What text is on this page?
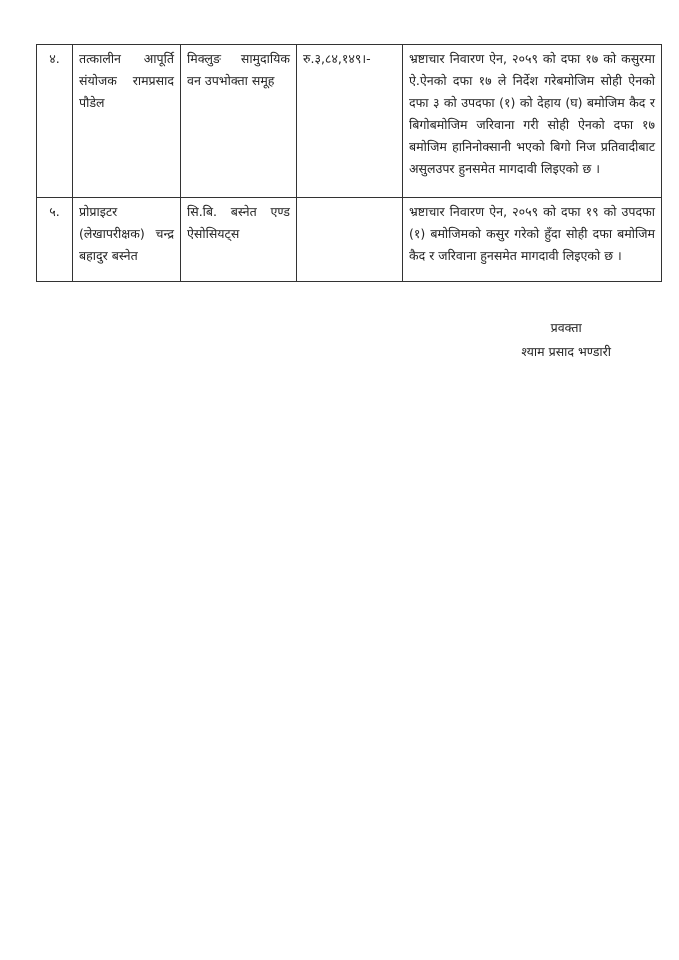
४.	तत्कालीन आपूर्ति संयोजक रामप्रसाद पौडेल	मिक्लुङ सामुदायिक वन उपभोक्ता समूह	रु.३,८४,१४९।-	भ्रष्टाचार निवारण ऐन, २०५९ को दफा १७ को कसुरमा ऐ.ऐनको दफा १७ ले निर्देश गरेबमोजिम सोही ऐनको दफा ३ को उपदफा (१) को देहाय (घ) बमोजिम कैद र बिगोबमोजिम जरिवाना गरी सोही ऐनको दफा १७ बमोजिम हानिनोक्सानी भएको बिगो निज प्रतिवादीबाट असुलउपर हुनसमेत मागदावी लिइएको छ ।
५.	प्रोप्राइटर (लेखापरीक्षक) चन्द्र बहादुर बस्नेत	सि.बि. बस्नेत एण्ड ऐसोसियट्स		भ्रष्टाचार निवारण ऐन, २०५९ को दफा १९ को उपदफा (१) बमोजिमको कसुर गरेको हुँदा सोही दफा बमोजिम कैद र जरिवाना हुनसमेत मागदावी लिइएको छ ।
प्रवक्ता
श्याम प्रसाद भण्डारी
